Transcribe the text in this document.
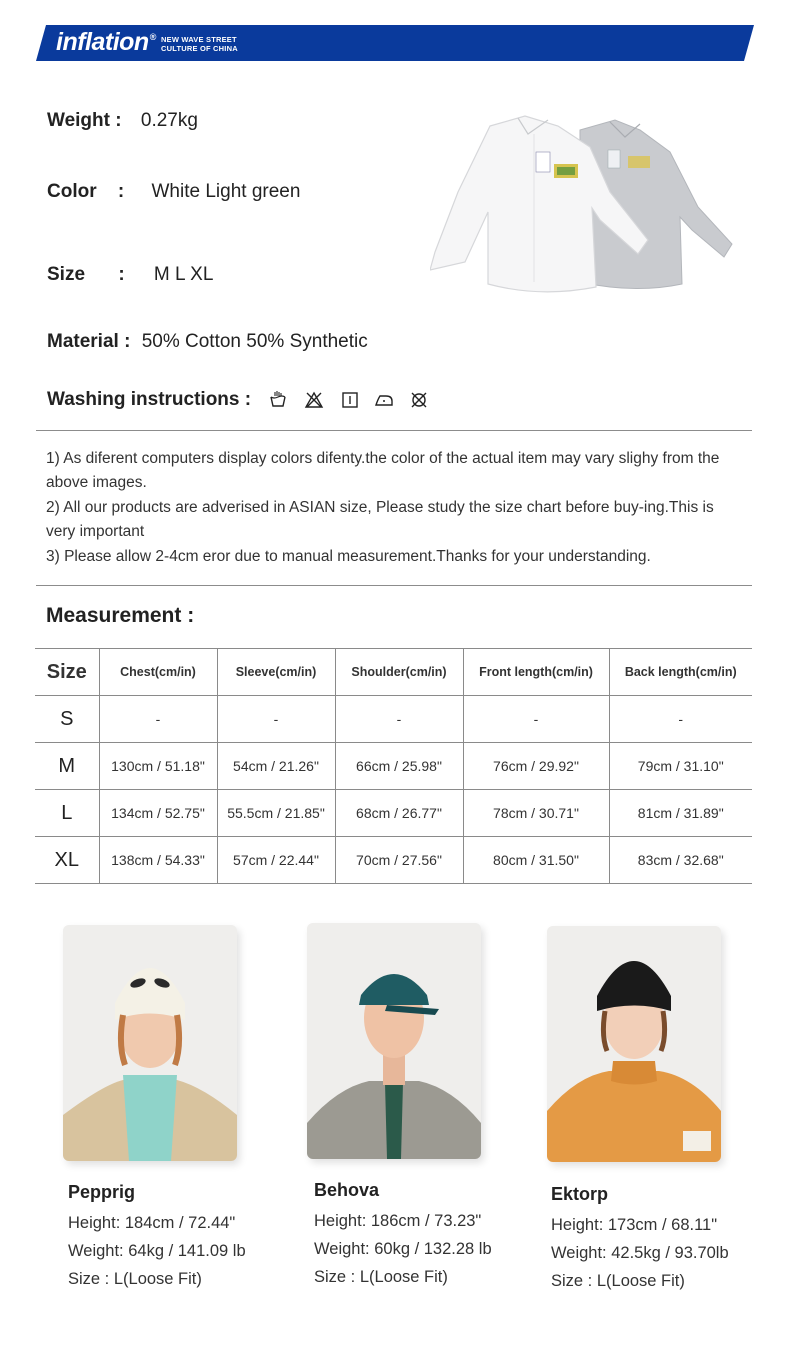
inflation® NEW WAVE STREET
CULTURE OF CHINA
Weight : 0.27kg
Color : White Light green
Size : M L XL
Material : 50% Cotton 50% Synthetic
Washing instructions :

1) As diferent computers display colors difenty.the color of the actual item may vary slighy from the above images.

2) All our products are adverised in ASIAN size, Please study the size chart before buy-ing.This is very important

3) Please allow 2-4cm eror due to manual measurement.Thanks for your understanding.

Measurement :
Size	Chest(cm/in)	Sleeve(cm/in)	Shoulder(cm/in)	Front length(cm/in)	Back length(cm/in)
S	-	-	-	-	-
M	130cm / 51.18"	54cm / 21.26"	66cm / 25.98"	76cm / 29.92"	79cm / 31.10"
L	134cm / 52.75"	55.5cm / 21.85"	68cm / 26.77"	78cm / 30.71"	81cm / 31.89"
XL	138cm / 54.33"	57cm / 22.44"	70cm / 27.56"	80cm / 31.50"	83cm / 32.68"
Pepprig
Height: 184cm / 72.44"
Weight: 64kg / 141.09 lb
Size : L(Loose Fit)
Behova
Height: 186cm / 73.23"
Weight: 60kg / 132.28 lb
Size : L(Loose Fit)
Ektorp
Height: 173cm / 68.11"
Weight: 42.5kg / 93.70lb
Size : L(Loose Fit)
